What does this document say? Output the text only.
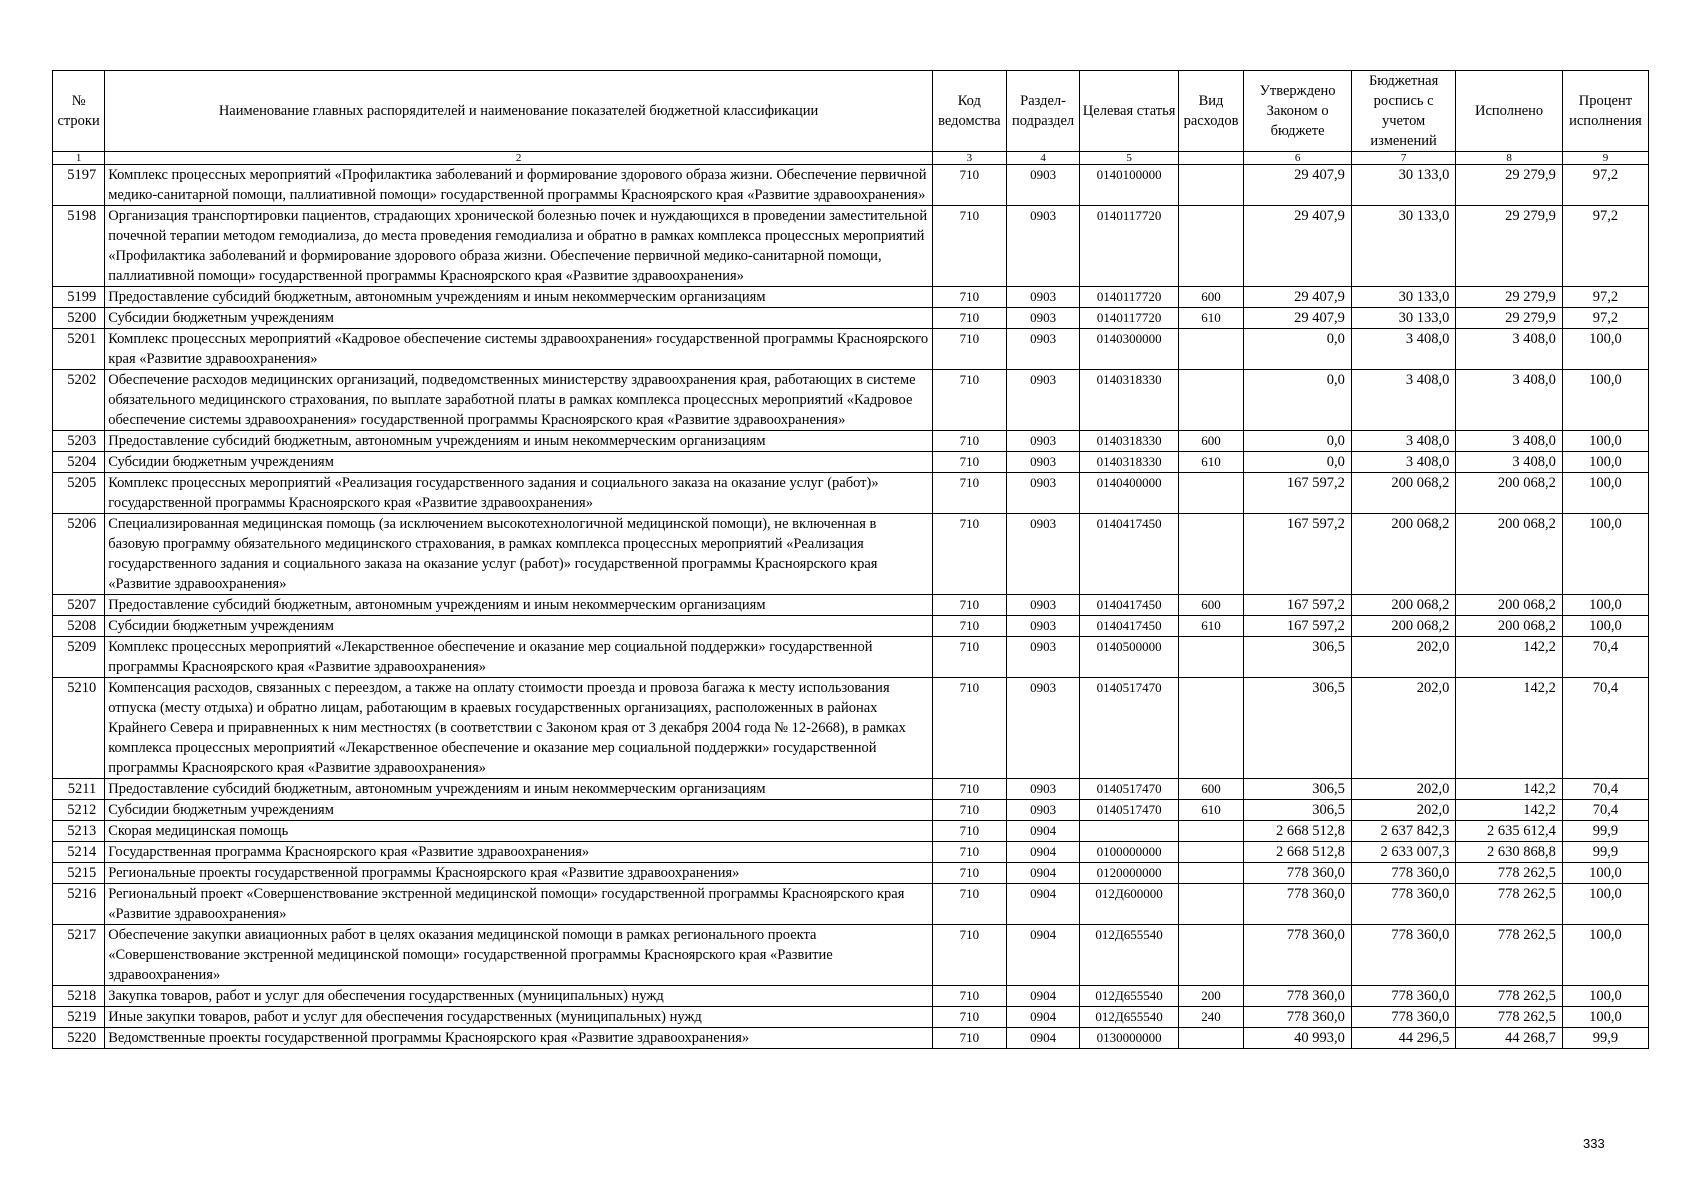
№ строки	Наименование главных распорядителей и наименование показателей бюджетной классификации	Код ведомства	Раздел-подраздел	Целевая статья	Вид расходов	Утверждено Законом о бюджете	Бюджетная роспись с учетом изменений	Исполнено	Процент исполнения
1	2	3	4	5		6	7	8	9
5197	Комплекс процессных мероприятий «Профилактика заболеваний и формирование здорового образа жизни. Обеспечение первичной медико-санитарной помощи, паллиативной помощи» государственной программы Красноярского края «Развитие здравоохранения»	710	0903	0140100000		29 407,9	30 133,0	29 279,9	97,2
5198	Организация транспортировки пациентов, страдающих хронической болезнью почек и нуждающихся в проведении заместительной почечной терапии методом гемодиализа, до места проведения гемодиализа и обратно в рамках комплекса процессных мероприятий «Профилактика заболеваний и формирование здорового образа жизни. Обеспечение первичной медико-санитарной помощи, паллиативной помощи» государственной программы Красноярского края «Развитие здравоохранения»	710	0903	0140117720		29 407,9	30 133,0	29 279,9	97,2
5199	Предоставление субсидий бюджетным, автономным учреждениям и иным некоммерческим организациям	710	0903	0140117720	600	29 407,9	30 133,0	29 279,9	97,2
5200	Субсидии бюджетным учреждениям	710	0903	0140117720	610	29 407,9	30 133,0	29 279,9	97,2
5201	Комплекс процессных мероприятий «Кадровое обеспечение системы здравоохранения» государственной программы Красноярского края «Развитие здравоохранения»	710	0903	0140300000		0,0	3 408,0	3 408,0	100,0
5202	Обеспечение расходов медицинских организаций, подведомственных министерству здравоохранения края, работающих в системе обязательного медицинского страхования, по выплате заработной платы в рамках комплекса процессных мероприятий «Кадровое обеспечение системы здравоохранения» государственной программы Красноярского края «Развитие здравоохранения»	710	0903	0140318330		0,0	3 408,0	3 408,0	100,0
5203	Предоставление субсидий бюджетным, автономным учреждениям и иным некоммерческим организациям	710	0903	0140318330	600	0,0	3 408,0	3 408,0	100,0
5204	Субсидии бюджетным учреждениям	710	0903	0140318330	610	0,0	3 408,0	3 408,0	100,0
5205	Комплекс процессных мероприятий «Реализация государственного задания и социального заказа на оказание услуг (работ)» государственной программы Красноярского края «Развитие здравоохранения»	710	0903	0140400000		167 597,2	200 068,2	200 068,2	100,0
5206	Специализированная медицинская помощь (за исключением высокотехнологичной медицинской помощи), не включенная в базовую программу обязательного медицинского страхования, в рамках комплекса процессных мероприятий «Реализация государственного задания и социального заказа на оказание услуг (работ)» государственной программы Красноярского края «Развитие здравоохранения»	710	0903	0140417450		167 597,2	200 068,2	200 068,2	100,0
5207	Предоставление субсидий бюджетным, автономным учреждениям и иным некоммерческим организациям	710	0903	0140417450	600	167 597,2	200 068,2	200 068,2	100,0
5208	Субсидии бюджетным учреждениям	710	0903	0140417450	610	167 597,2	200 068,2	200 068,2	100,0
5209	Комплекс процессных мероприятий «Лекарственное обеспечение и оказание мер социальной поддержки» государственной программы Красноярского края «Развитие здравоохранения»	710	0903	0140500000		306,5	202,0	142,2	70,4
5210	Компенсация расходов, связанных с переездом, а также на оплату стоимости проезда и провоза багажа к месту использования отпуска (месту отдыха) и обратно лицам, работающим в краевых государственных организациях, расположенных в районах Крайнего Севера и приравненных к ним местностях (в соответствии с Законом края от 3 декабря 2004 года № 12-2668), в рамках комплекса процессных мероприятий «Лекарственное обеспечение и оказание мер социальной поддержки» государственной программы Красноярского края «Развитие здравоохранения»	710	0903	0140517470		306,5	202,0	142,2	70,4
5211	Предоставление субсидий бюджетным, автономным учреждениям и иным некоммерческим организациям	710	0903	0140517470	600	306,5	202,0	142,2	70,4
5212	Субсидии бюджетным учреждениям	710	0903	0140517470	610	306,5	202,0	142,2	70,4
5213	Скорая медицинская помощь	710	0904			2 668 512,8	2 637 842,3	2 635 612,4	99,9
5214	Государственная программа Красноярского края «Развитие здравоохранения»	710	0904	0100000000		2 668 512,8	2 633 007,3	2 630 868,8	99,9
5215	Региональные проекты государственной программы Красноярского края «Развитие здравоохранения»	710	0904	0120000000		778 360,0	778 360,0	778 262,5	100,0
5216	Региональный проект «Совершенствование экстренной медицинской помощи» государственной программы Красноярского края «Развитие здравоохранения»	710	0904	012Д600000		778 360,0	778 360,0	778 262,5	100,0
5217	Обеспечение закупки авиационных работ в целях оказания медицинской помощи в рамках регионального проекта «Совершенствование экстренной медицинской помощи» государственной программы Красноярского края «Развитие здравоохранения»	710	0904	012Д655540		778 360,0	778 360,0	778 262,5	100,0
5218	Закупка товаров, работ и услуг для обеспечения государственных (муниципальных) нужд	710	0904	012Д655540	200	778 360,0	778 360,0	778 262,5	100,0
5219	Иные закупки товаров, работ и услуг для обеспечения государственных (муниципальных) нужд	710	0904	012Д655540	240	778 360,0	778 360,0	778 262,5	100,0
5220	Ведомственные проекты государственной программы Красноярского края «Развитие здравоохранения»	710	0904	0130000000		40 993,0	44 296,5	44 268,7	99,9
333
